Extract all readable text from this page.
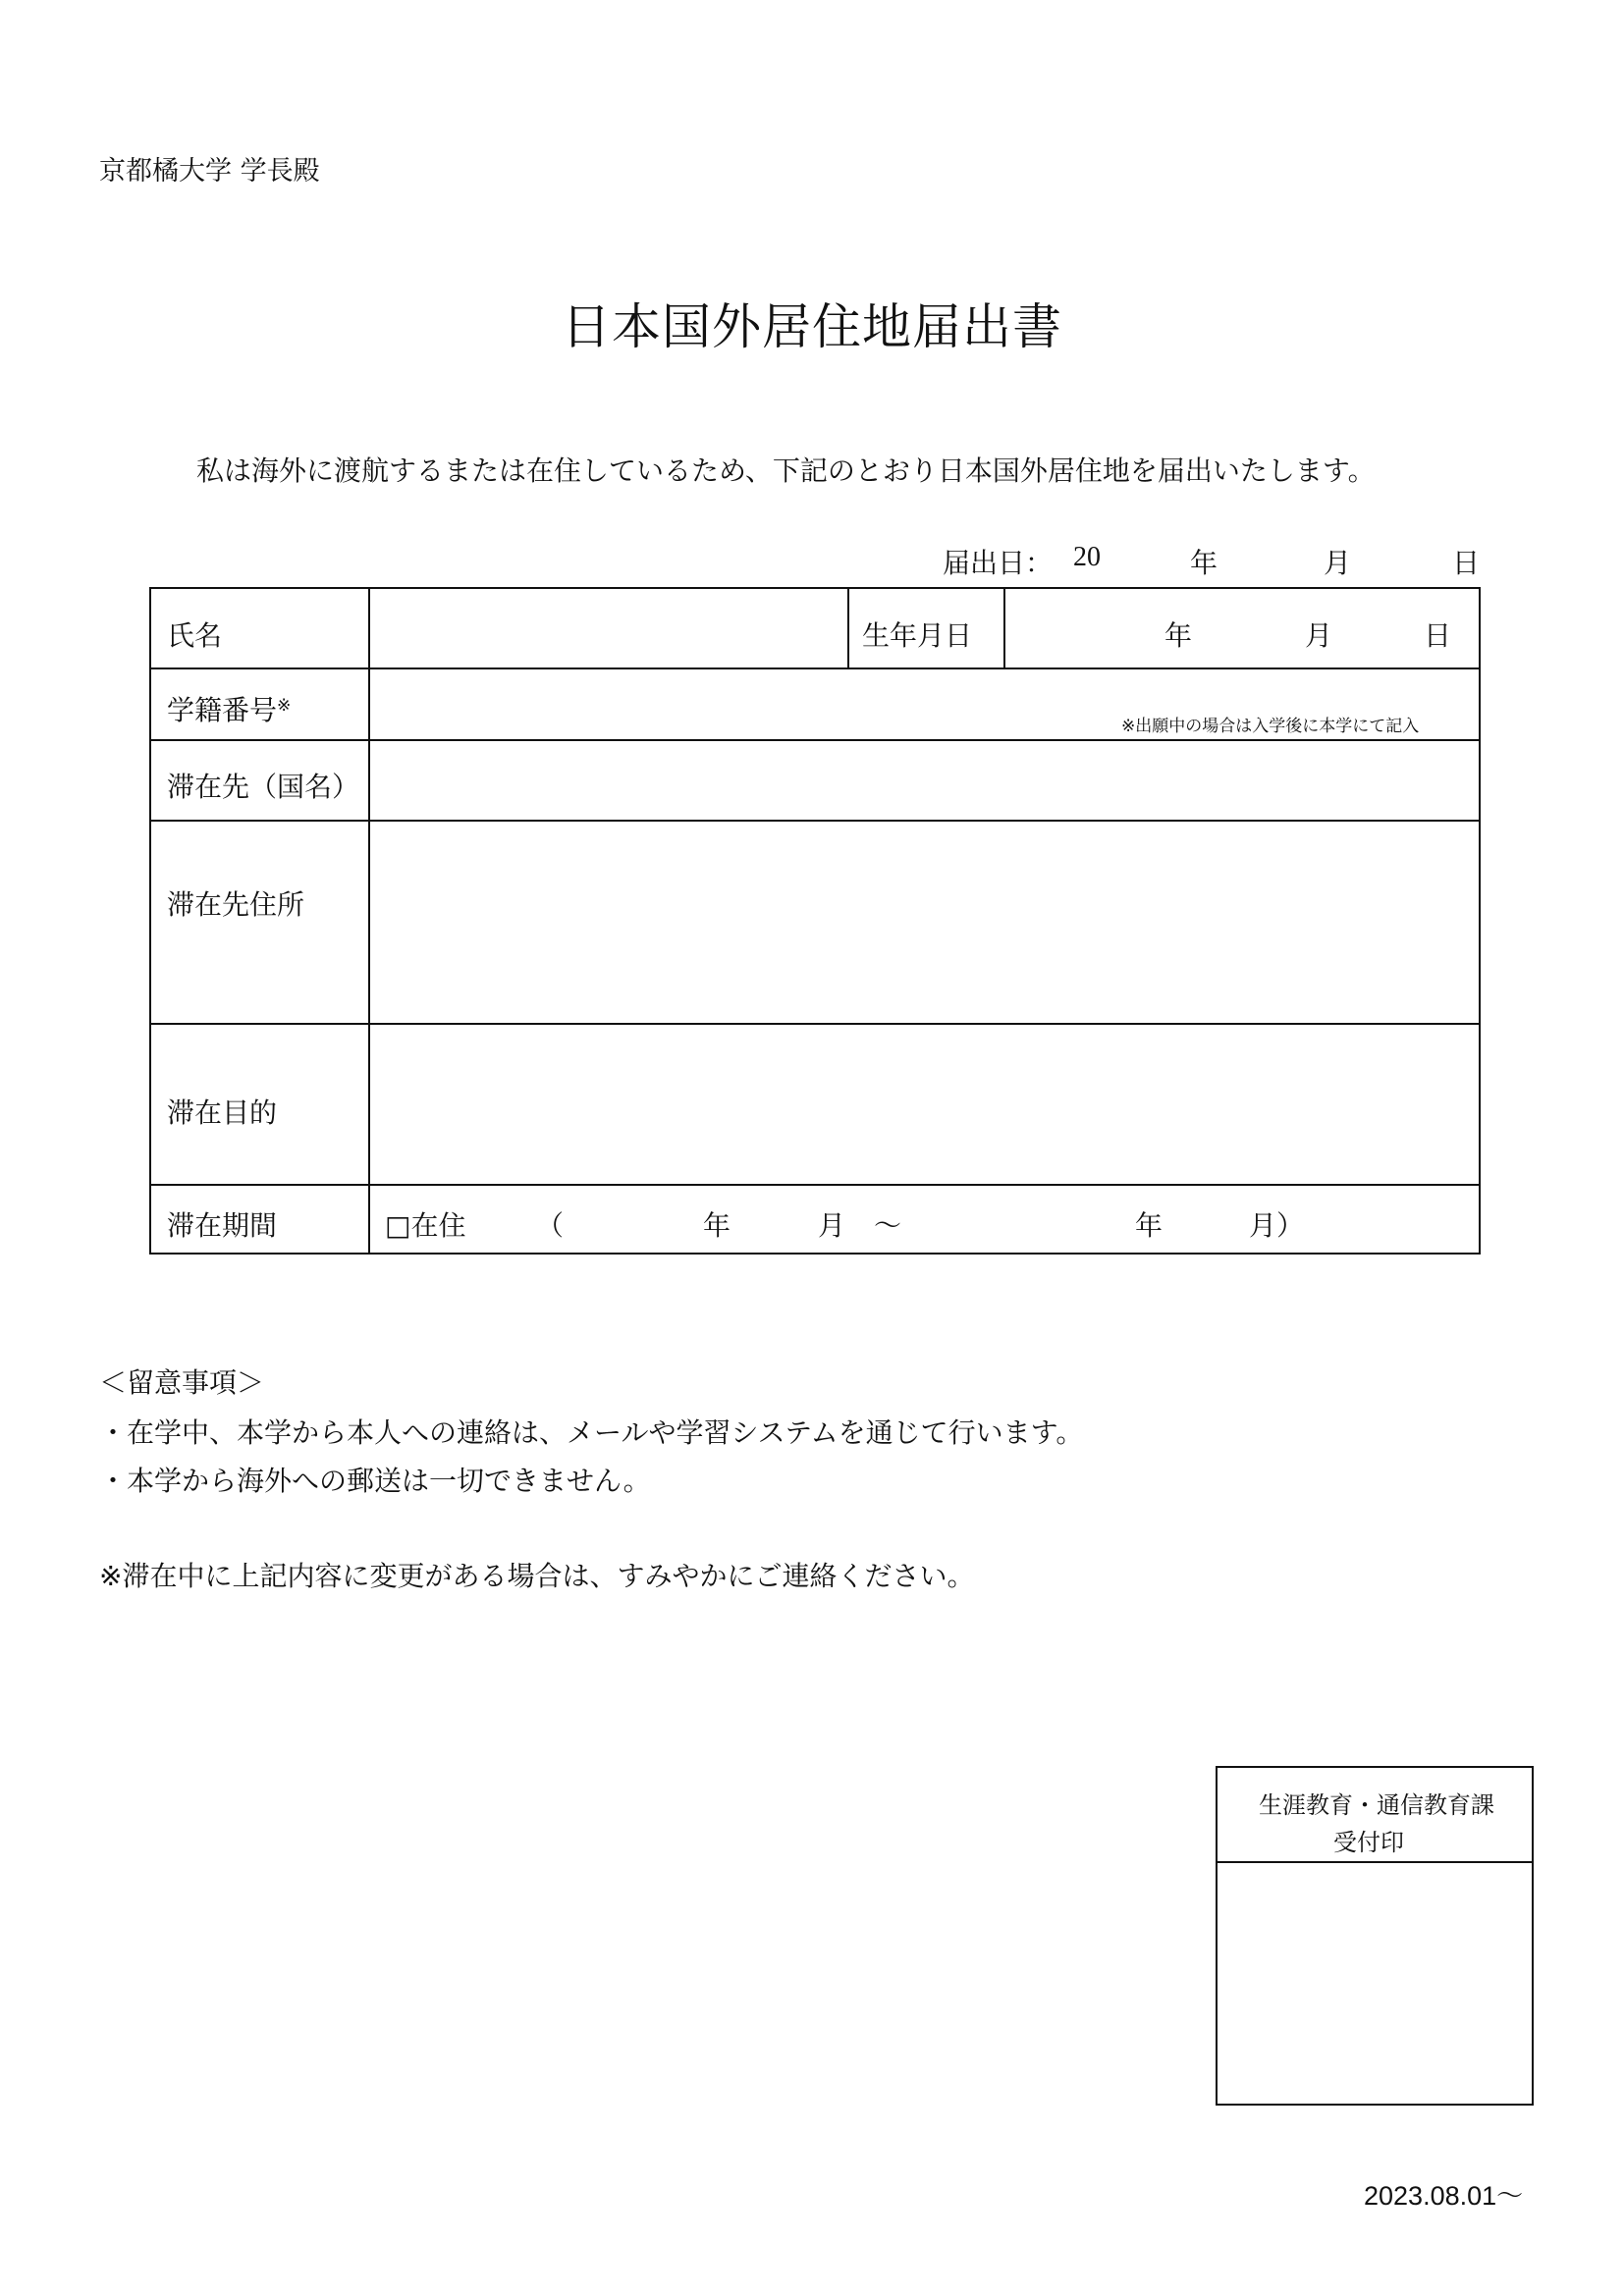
京都橘大学 学長殿
日本国外居住地届出書
私は海外に渡航するまたは在住しているため、下記のとおり日本国外居住地を届出いたします。
届出日： 20	年	月	日
氏名	生年月日	年	月	日
学籍番号※
※出願中の場合は入学後に本学にて記入
滞在先（国名）
滞在先住所
滞在目的
滞在期間	□在住	（	年	月 ～	年	月）
＜留意事項＞
・在学中、本学から本人への連絡は、メールや学習システムを通じて行います。
・本学から海外への郵送は一切できません。
※滞在中に上記内容に変更がある場合は、すみやかにご連絡ください。
生涯教育・通信教育課
受付印
2023.08.01～
